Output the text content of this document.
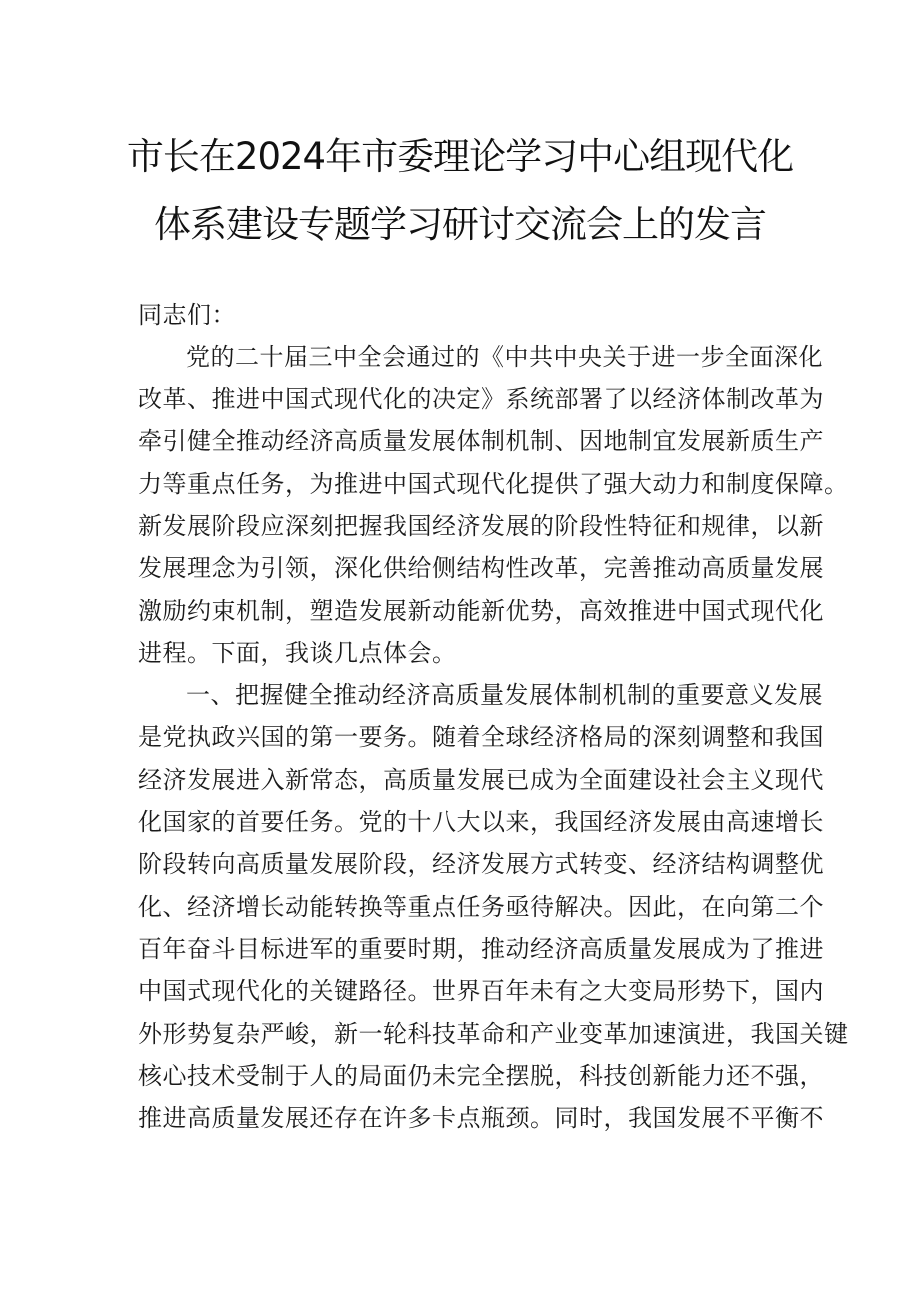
市长在2024年市委理论学习中心组现代化
体系建设专题学习研讨交流会上的发言
同志们：
党的二十届三中全会通过的《中共中央关于进一步全面深化
改革、推进中国式现代化的决定》系统部署了以经济体制改革为
牵引健全推动经济高质量发展体制机制、因地制宜发展新质生产
力等重点任务，为推进中国式现代化提供了强大动力和制度保障。
新发展阶段应深刻把握我国经济发展的阶段性特征和规律，以新
发展理念为引领，深化供给侧结构性改革，完善推动高质量发展
激励约束机制，塑造发展新动能新优势，高效推进中国式现代化
进程。下面，我谈几点体会。
一、把握健全推动经济高质量发展体制机制的重要意义发展
是党执政兴国的第一要务。随着全球经济格局的深刻调整和我国
经济发展进入新常态，高质量发展已成为全面建设社会主义现代
化国家的首要任务。党的十八大以来，我国经济发展由高速增长
阶段转向高质量发展阶段，经济发展方式转变、经济结构调整优
化、经济增长动能转换等重点任务亟待解决。因此，在向第二个
百年奋斗目标进军的重要时期，推动经济高质量发展成为了推进
中国式现代化的关键路径。世界百年未有之大变局形势下，国内
外形势复杂严峻，新一轮科技革命和产业变革加速演进，我国关键
核心技术受制于人的局面仍未完全摆脱，科技创新能力还不强，
推进高质量发展还存在许多卡点瓶颈。同时，我国发展不平衡不
